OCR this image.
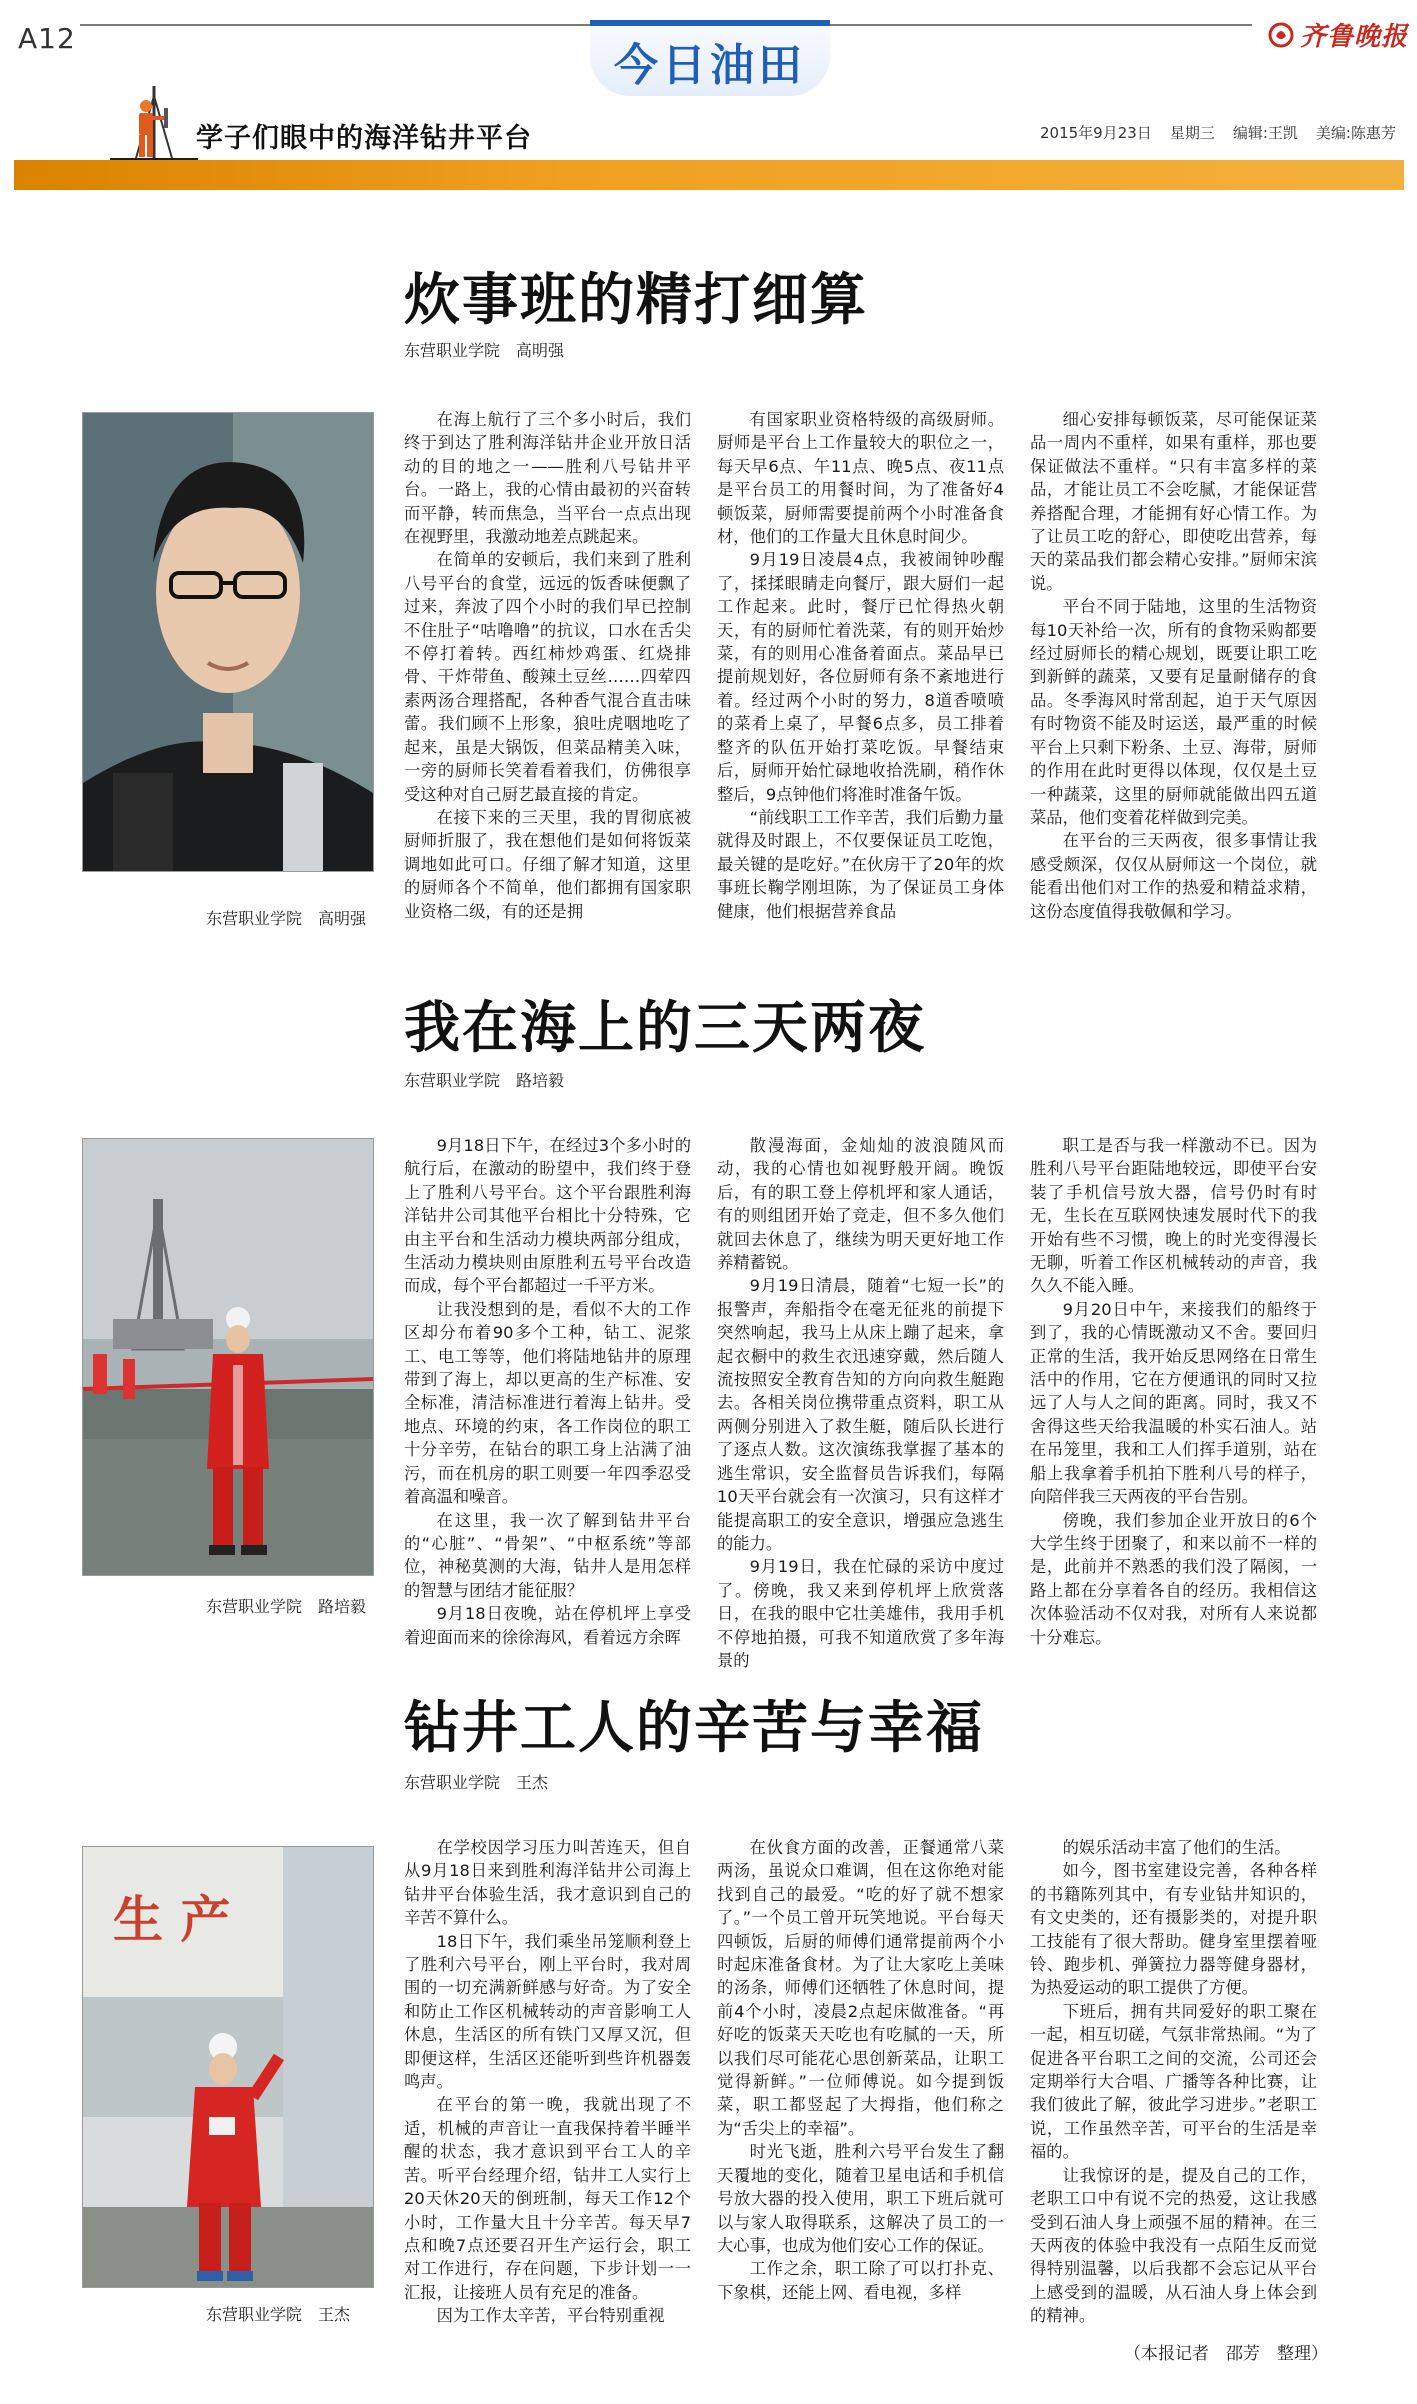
A12
今日油田
齐鲁晚报
学子们眼中的海洋钻井平台	2015年9月23日 星期三 编辑:王凯 美编:陈惠芳
炊事班的精打细算
东营职业学院　高明强
东营职业学院　高明强

在海上航行了三个多小时后，我们终于到达了胜利海洋钻井企业开放日活动的目的地之一——胜利八号钻井平台。一路上，我的心情由最初的兴奋转而平静，转而焦急，当平台一点点出现在视野里，我激动地差点跳起来。

在简单的安顿后，我们来到了胜利八号平台的食堂，远远的饭香味便飘了过来，奔波了四个小时的我们早已控制不住肚子“咕噜噜”的抗议，口水在舌尖不停打着转。西红柿炒鸡蛋、红烧排骨、干炸带鱼、酸辣土豆丝……四荤四素两汤合理搭配，各种香气混合直击味蕾。我们顾不上形象，狼吐虎咽地吃了起来，虽是大锅饭，但菜品精美入味，一旁的厨师长笑着看着我们，仿佛很享受这种对自己厨艺最直接的肯定。

在接下来的三天里，我的胃彻底被厨师折服了，我在想他们是如何将饭菜调地如此可口。仔细了解才知道，这里的厨师各个不简单，他们都拥有国家职业资格二级，有的还是拥

有国家职业资格特级的高级厨师。厨师是平台上工作量较大的职位之一，每天早6点、午11点、晚5点、夜11点是平台员工的用餐时间，为了准备好4顿饭菜，厨师需要提前两个小时准备食材，他们的工作量大且休息时间少。

9月19日凌晨4点，我被闹钟吵醒了，揉揉眼睛走向餐厅，跟大厨们一起工作起来。此时，餐厅已忙得热火朝天，有的厨师忙着洗菜，有的则开始炒菜，有的则用心准备着面点。菜品早已提前规划好，各位厨师有条不紊地进行着。经过两个小时的努力，8道香喷喷的菜肴上桌了，早餐6点多，员工排着整齐的队伍开始打菜吃饭。早餐结束后，厨师开始忙碌地收拾洗刷，稍作休整后，9点钟他们将准时准备午饭。

“前线职工工作辛苦，我们后勤力量就得及时跟上，不仅要保证员工吃饱，最关键的是吃好。”在伙房干了20年的炊事班长鞠学刚坦陈，为了保证员工身体健康，他们根据营养食品

细心安排每顿饭菜，尽可能保证菜品一周内不重样，如果有重样，那也要保证做法不重样。“只有丰富多样的菜品，才能让员工不会吃腻，才能保证营养搭配合理，才能拥有好心情工作。为了让员工吃的舒心，即使吃出营养，每天的菜品我们都会精心安排。”厨师宋滨说。

平台不同于陆地，这里的生活物资每10天补给一次，所有的食物采购都要经过厨师长的精心规划，既要让职工吃到新鲜的蔬菜，又要有足量耐储存的食品。冬季海风时常刮起，迫于天气原因有时物资不能及时运送，最严重的时候平台上只剩下粉条、土豆、海带，厨师的作用在此时更得以体现，仅仅是土豆一种蔬菜，这里的厨师就能做出四五道菜品，他们变着花样做到完美。

在平台的三天两夜，很多事情让我感受颇深，仅仅从厨师这一个岗位，就能看出他们对工作的热爱和精益求精，这份态度值得我敬佩和学习。

我在海上的三天两夜
东营职业学院　路培毅
东营职业学院　路培毅

9月18日下午，在经过3个多小时的航行后，在激动的盼望中，我们终于登上了胜利八号平台。这个平台跟胜利海洋钻井公司其他平台相比十分特殊，它由主平台和生活动力模块两部分组成，生活动力模块则由原胜利五号平台改造而成，每个平台都超过一千平方米。

让我没想到的是，看似不大的工作区却分布着90多个工种，钻工、泥浆工、电工等等，他们将陆地钻井的原理带到了海上，却以更高的生产标准、安全标准，清洁标准进行着海上钻井。受地点、环境的约束，各工作岗位的职工十分辛劳，在钻台的职工身上沾满了油污，而在机房的职工则要一年四季忍受着高温和噪音。

在这里，我一次了解到钻井平台的“心脏”、“骨架”、“中枢系统”等部位，神秘莫测的大海，钻井人是用怎样的智慧与团结才能征服？

9月18日夜晚，站在停机坪上享受着迎面而来的徐徐海风，看着远方余晖

散漫海面，金灿灿的波浪随风而动，我的心情也如视野般开阔。晚饭后，有的职工登上停机坪和家人通话，有的则组团开始了竞走，但不多久他们就回去休息了，继续为明天更好地工作养精蓄锐。

9月19日清晨，随着“七短一长”的报警声，奔船指令在毫无征兆的前提下突然响起，我马上从床上蹦了起来，拿起衣橱中的救生衣迅速穿戴，然后随人流按照安全教育告知的方向向救生艇跑去。各相关岗位携带重点资料，职工从两侧分别进入了救生艇，随后队长进行了逐点人数。这次演练我掌握了基本的逃生常识，安全监督员告诉我们，每隔10天平台就会有一次演习，只有这样才能提高职工的安全意识，增强应急逃生的能力。

9月19日，我在忙碌的采访中度过了。傍晚，我又来到停机坪上欣赏落日，在我的眼中它壮美雄伟，我用手机不停地拍摄，可我不知道欣赏了多年海景的

职工是否与我一样激动不已。因为胜利八号平台距陆地较远，即使平台安装了手机信号放大器，信号仍时有时无，生长在互联网快速发展时代下的我开始有些不习惯，晚上的时光变得漫长无聊，听着工作区机械转动的声音，我久久不能入睡。

9月20日中午，来接我们的船终于到了，我的心情既激动又不舍。要回归正常的生活，我开始反思网络在日常生活中的作用，它在方便通讯的同时又拉远了人与人之间的距离。同时，我又不舍得这些天给我温暖的朴实石油人。站在吊笼里，我和工人们挥手道别，站在船上我拿着手机拍下胜利八号的样子，向陪伴我三天两夜的平台告别。

傍晚，我们参加企业开放日的6个大学生终于团聚了，和来以前不一样的是，此前并不熟悉的我们没了隔阂，一路上都在分享着各自的经历。我相信这次体验活动不仅对我，对所有人来说都十分难忘。

钻井工人的辛苦与幸福
东营职业学院　王杰
生 产
东营职业学院　王杰

在学校因学习压力叫苦连天，但自从9月18日来到胜利海洋钻井公司海上钻井平台体验生活，我才意识到自己的辛苦不算什么。

18日下午，我们乘坐吊笼顺利登上了胜利六号平台，刚上平台时，我对周围的一切充满新鲜感与好奇。为了安全和防止工作区机械转动的声音影响工人休息，生活区的所有铁门又厚又沉，但即便这样，生活区还能听到些许机器轰鸣声。

在平台的第一晚，我就出现了不适，机械的声音让一直我保持着半睡半醒的状态，我才意识到平台工人的辛苦。听平台经理介绍，钻井工人实行上20天休20天的倒班制，每天工作12个小时，工作量大且十分辛苦。每天早7点和晚7点还要召开生产运行会，职工对工作进行，存在问题，下步计划一一汇报，让接班人员有充足的准备。

因为工作太辛苦，平台特别重视

在伙食方面的改善，正餐通常八菜两汤，虽说众口难调，但在这你绝对能找到自己的最爱。“吃的好了就不想家了。”一个员工曾开玩笑地说。平台每天四顿饭，后厨的师傅们通常提前两个小时起床准备食材。为了让大家吃上美味的汤条，师傅们还牺牲了休息时间，提前4个小时，凌晨2点起床做准备。“再好吃的饭菜天天吃也有吃腻的一天，所以我们尽可能花心思创新菜品，让职工觉得新鲜。”一位师傅说。如今提到饭菜，职工都竖起了大拇指，他们称之为“舌尖上的幸福”。

时光飞逝，胜利六号平台发生了翻天覆地的变化，随着卫星电话和手机信号放大器的投入使用，职工下班后就可以与家人取得联系，这解决了员工的一大心事，也成为他们安心工作的保证。

工作之余，职工除了可以打扑克、下象棋，还能上网、看电视，多样

的娱乐活动丰富了他们的生活。

如今，图书室建设完善，各种各样的书籍陈列其中，有专业钻井知识的，有文史类的，还有摄影类的，对提升职工技能有了很大帮助。健身室里摆着哑铃、跑步机、弹簧拉力器等健身器材，为热爱运动的职工提供了方便。

下班后，拥有共同爱好的职工聚在一起，相互切磋，气氛非常热闹。“为了促进各平台职工之间的交流，公司还会定期举行大合唱、广播等各种比赛，让我们彼此了解，彼此学习进步。”老职工说，工作虽然辛苦，可平台的生活是幸福的。

让我惊讶的是，提及自己的工作，老职工口中有说不完的热爱，这让我感受到石油人身上顽强不屈的精神。在三天两夜的体验中我没有一点陌生反而觉得特别温馨，以后我都不会忘记从平台上感受到的温暖，从石油人身上体会到的精神。

（本报记者　邵芳　整理）
